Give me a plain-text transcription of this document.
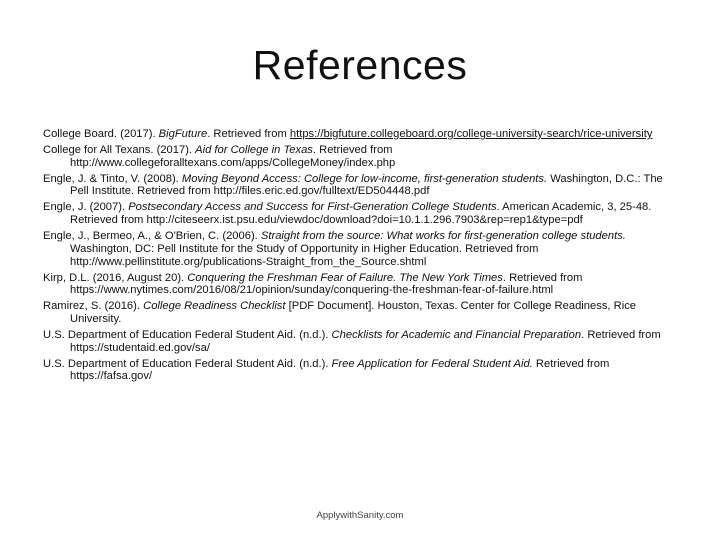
References
College Board. (2017). BigFuture. Retrieved from https://bigfuture.collegeboard.org/college-university-search/rice-university
College for All Texans. (2017). Aid for College in Texas. Retrieved from http://www.collegeforalltexans.com/apps/CollegeMoney/index.php
Engle, J. & Tinto, V. (2008). Moving Beyond Access: College for low-income, first-generation students. Washington, D.C.: The Pell Institute. Retrieved from http://files.eric.ed.gov/fulltext/ED504448.pdf
Engle, J. (2007). Postsecondary Access and Success for First-Generation College Students. American Academic, 3, 25-48. Retrieved from http://citeseerx.ist.psu.edu/viewdoc/download?doi=10.1.1.296.7903&rep=rep1&type=pdf
Engle, J., Bermeo, A., & O'Brien, C. (2006). Straight from the source: What works for first-generation college students. Washington, DC: Pell Institute for the Study of Opportunity in Higher Education. Retrieved from http://www.pellinstitute.org/publications-Straight_from_the_Source.shtml
Kirp, D.L. (2016, August 20). Conquering the Freshman Fear of Failure. The New York Times. Retrieved from https://www.nytimes.com/2016/08/21/opinion/sunday/conquering-the-freshman-fear-of-failure.html
Ramirez, S. (2016). College Readiness Checklist [PDF Document]. Houston, Texas. Center for College Readiness, Rice University.
U.S. Department of Education Federal Student Aid. (n.d.). Checklists for Academic and Financial Preparation. Retrieved from https://studentaid.ed.gov/sa/
U.S. Department of Education Federal Student Aid. (n.d.). Free Application for Federal Student Aid. Retrieved from https://fafsa.gov/
ApplywithSanity.com
